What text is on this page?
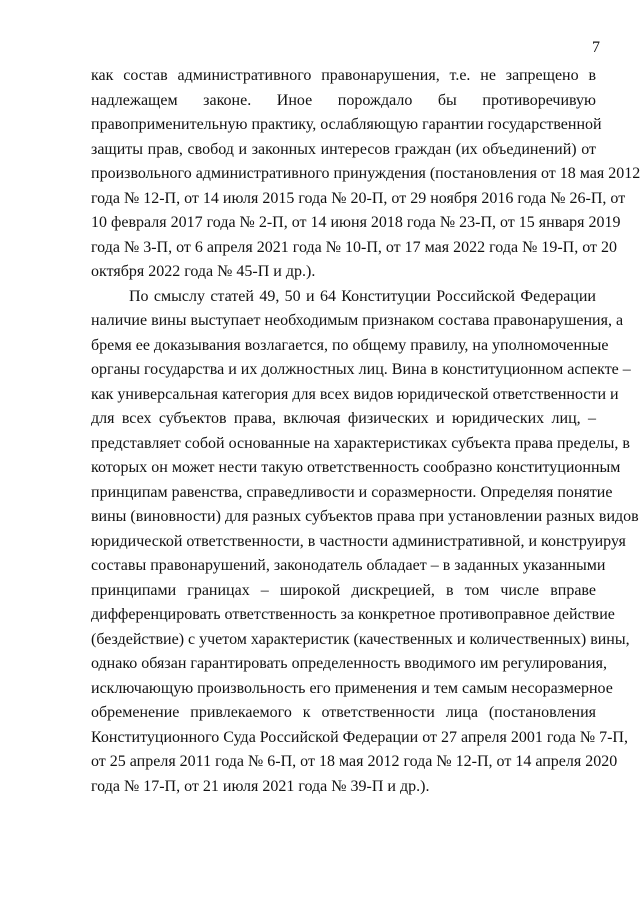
7
как состав административного правонарушения, т.е. не запрещено в
надлежащем законе. Иное порождало бы противоречивую
правоприменительную практику, ослабляющую гарантии государственной
защиты прав, свобод и законных интересов граждан (их объединений) от
произвольного административного принуждения (постановления от 18 мая 2012
года № 12-П, от 14 июля 2015 года № 20-П, от 29 ноября 2016 года № 26-П, от
10 февраля 2017 года № 2-П, от 14 июня 2018 года № 23-П, от 15 января 2019
года № 3-П, от 6 апреля 2021 года № 10-П, от 17 мая 2022 года № 19-П, от 20
октября 2022 года № 45-П и др.).
По смыслу статей 49, 50 и 64 Конституции Российской Федерации
наличие вины выступает необходимым признаком состава правонарушения, а
бремя ее доказывания возлагается, по общему правилу, на уполномоченные
органы государства и их должностных лиц. Вина в конституционном аспекте –
как универсальная категория для всех видов юридической ответственности и
для всех субъектов права, включая физических и юридических лиц, –
представляет собой основанные на характеристиках субъекта права пределы, в
которых он может нести такую ответственность сообразно конституционным
принципам равенства, справедливости и соразмерности. Определяя понятие
вины (виновности) для разных субъектов права при установлении разных видов
юридической ответственности, в частности административной, и конструируя
составы правонарушений, законодатель обладает – в заданных указанными
принципами границах – широкой дискрецией, в том числе вправе
дифференцировать ответственность за конкретное противоправное действие
(бездействие) с учетом характеристик (качественных и количественных) вины,
однако обязан гарантировать определенность вводимого им регулирования,
исключающую произвольность его применения и тем самым несоразмерное
обременение привлекаемого к ответственности лица (постановления
Конституционного Суда Российской Федерации от 27 апреля 2001 года № 7-П,
от 25 апреля 2011 года № 6-П, от 18 мая 2012 года № 12-П, от 14 апреля 2020
года № 17-П, от 21 июля 2021 года № 39-П и др.).
